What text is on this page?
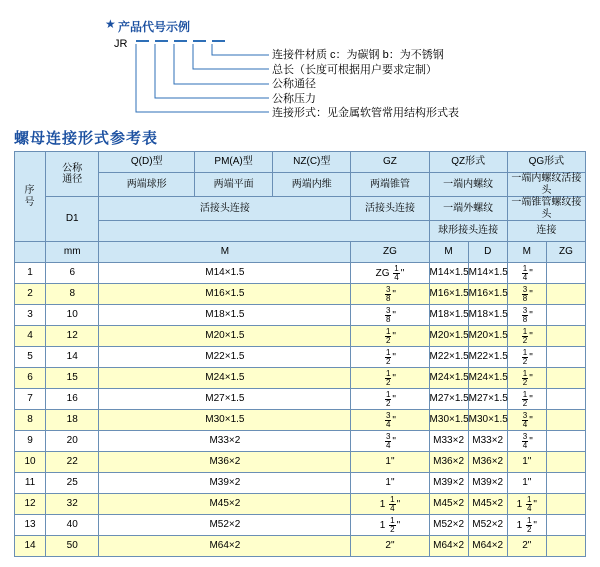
★ 产品代号示例
JR
连接件材质 c：为碳钢 b：为不锈钢
总长（长度可根据用户要求定制）
公称通径
公称压力
连接形式：见金属软管常用结构形式表
螺母连接形式参考表
序
号	公称
通径	Q(D)型	PM(A)型	NZ(C)型	GZ	QZ形式		QG形式	
		两端球形	两端平面	两端内维	两端锥管	一端内螺纹		一端内螺纹活接头	
	D1	活接头连接			活接头连接	一端外螺纹		一端锥管螺纹接头	
						球形接头连接		连接	
	mm	M			ZG	M	D	M	ZG
1	6	M14×1.5			ZG $\frac{1}{4}$ "	M14×1.5	M14×1.5	$\frac{1}{4}$ "	
2	8	M16×1.5			$\frac{3}{8}$ "	M16×1.5	M16×1.5	$\frac{3}{8}$ "	
3	10	M18×1.5			$\frac{3}{8}$ "	M18×1.5	M18×1.5	$\frac{3}{8}$ "	
4	12	M20×1.5			$\frac{1}{2}$ "	M20×1.5	M20×1.5	$\frac{1}{2}$ "	
5	14	M22×1.5			$\frac{1}{2}$ "	M22×1.5	M22×1.5	$\frac{1}{2}$ "	
6	15	M24×1.5			$\frac{1}{2}$ "	M24×1.5	M24×1.5	$\frac{1}{2}$ "	
7	16	M27×1.5			$\frac{1}{2}$ "	M27×1.5	M27×1.5	$\frac{1}{2}$ "	
8	18	M30×1.5			$\frac{3}{4}$ "	M30×1.5	M30×1.5	$\frac{3}{4}$ "	
9	20	M33×2			$\frac{3}{4}$ "	M33×2	M33×2	$\frac{3}{4}$ "	
10	22	M36×2			1"	M36×2	M36×2	1"	
11	25	M39×2			1"	M39×2	M39×2	1"	
12	32	M45×2			$1 \frac{1}{4}$ "	M45×2	M45×2	$1 \frac{1}{4}$ "	
13	40	M52×2			$1 \frac{1}{2}$ "	M52×2	M52×2	$1 \frac{1}{2}$ "	
14	50	M64×2			2"	M64×2	M64×2	2"	
